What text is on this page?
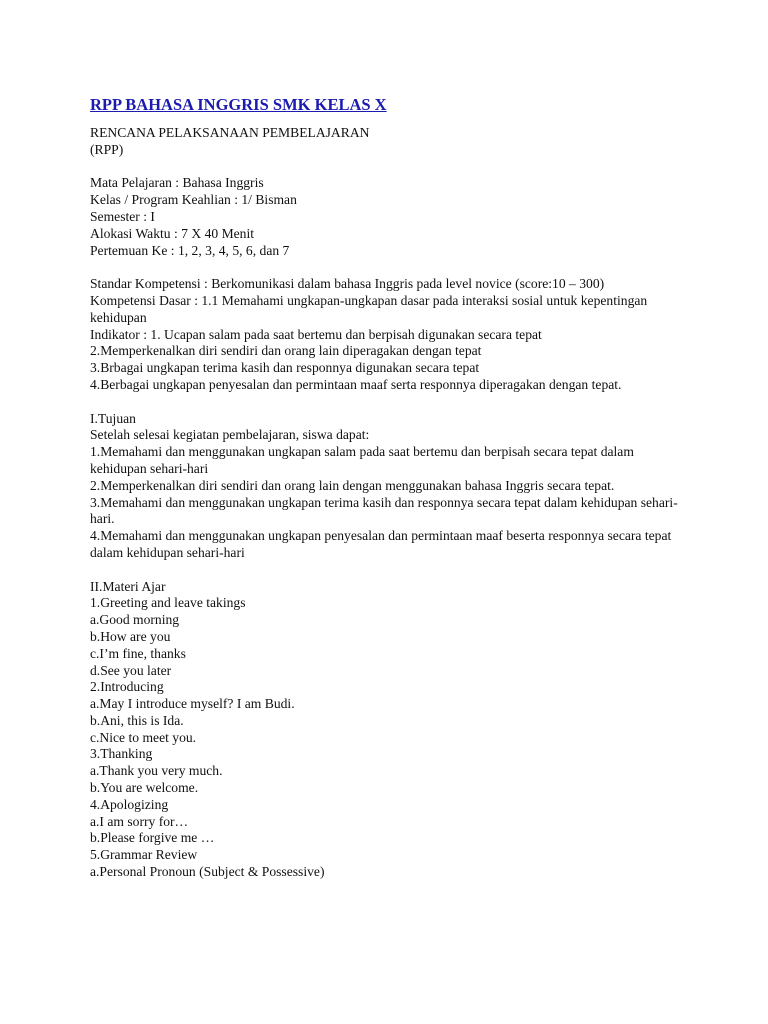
RPP BAHASA INGGRIS SMK KELAS X
RENCANA PELAKSANAAN PEMBELAJARAN
(RPP)
Mata Pelajaran : Bahasa Inggris
Kelas / Program Keahlian : 1/ Bisman
Semester : I
Alokasi Waktu : 7 X 40 Menit
Pertemuan Ke : 1, 2, 3, 4, 5, 6, dan 7
Standar Kompetensi : Berkomunikasi dalam bahasa Inggris pada level novice (score:10 – 300)
Kompetensi Dasar : 1.1 Memahami ungkapan-ungkapan dasar pada interaksi sosial untuk kepentingan kehidupan
Indikator : 1. Ucapan salam pada saat bertemu dan berpisah digunakan secara tepat
2.Memperkenalkan diri sendiri dan orang lain diperagakan dengan tepat
3.Brbagai ungkapan terima kasih dan responnya digunakan secara tepat
4.Berbagai ungkapan penyesalan dan permintaan maaf serta responnya diperagakan dengan tepat.
I.Tujuan
Setelah selesai kegiatan pembelajaran, siswa dapat:
1.Memahami dan menggunakan ungkapan salam pada saat bertemu dan berpisah secara tepat dalam kehidupan sehari-hari
2.Memperkenalkan diri sendiri dan orang lain dengan menggunakan bahasa Inggris secara tepat.
3.Memahami dan menggunakan ungkapan terima kasih dan responnya secara tepat dalam kehidupan sehari-hari.
4.Memahami dan menggunakan ungkapan penyesalan dan permintaan maaf beserta responnya secara tepat dalam kehidupan sehari-hari
II.Materi Ajar
1.Greeting and leave takings
a.Good morning
b.How are you
c.I’m fine, thanks
d.See you later
2.Introducing
a.May I introduce myself? I am Budi.
b.Ani, this is Ida.
c.Nice to meet you.
3.Thanking
a.Thank you very much.
b.You are welcome.
4.Apologizing
a.I am sorry for…
b.Please forgive me …
5.Grammar Review
a.Personal Pronoun (Subject & Possessive)
